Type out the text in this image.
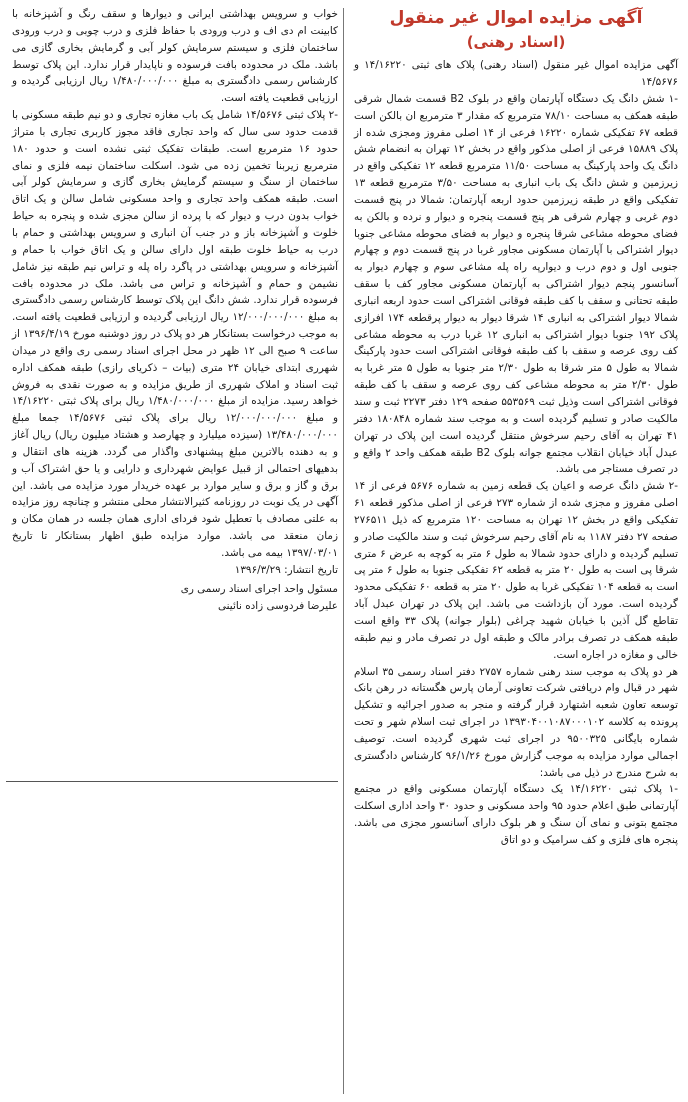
آگهی مزایده اموال غیر منقول
(اسناد رهنی)

آگهی مزایده اموال غیر منقول (اسناد رهنی) پلاک های ثبتی ۱۴/۱۶۲۲۰ و ۱۴/۵۶۷۶

-۱ شش دانگ یک دستگاه آپارتمان واقع در بلوک B2 قسمت شمال شرقی طبقه همکف به مساحت ۷۸/۱۰ مترمربع که مقدار ۳ مترمربع ان بالکن است قطعه ۶۷ تفکیکی شماره ۱۶۲۲۰ فرعی از ۱۴ اصلی مفروز ومجزی شده از پلاک ۱۵۸۸۹ فرعی از اصلی مذکور واقع در بخش ۱۲ تهران به انضمام شش دانگ یک واحد پارکینگ به مساحت ۱۱/۵۰ مترمربع قطعه ۱۲ تفکیکی واقع در زیرزمین و شش دانگ یک باب انباری به مساحت ۳/۵۰ مترمربع قطعه ۱۳ تفکیکی واقع در طبقه زیرزمین حدود اربعه آپارتمان: شمالا در پنج قسمت دوم غربی و چهارم شرقی هر پنج قسمت پنجره و دیوار و نرده و بالکن به فضای محوطه مشاعی شرقا پنجره و دیوار به فضای محوطه مشاعی جنوبا دیوار اشتراکی با آپارتمان مسکونی مجاور غربا در پنج قسمت دوم و چهارم جنوبی اول و دوم درب و دیوارپه راه پله مشاعی سوم و چهارم دیوار به آسانسور پنجم دیوار اشتراکی به آپارتمان مسکونی مجاور کف با سقف طبقه تحتانی و سقف با کف طبقه فوقانی اشتراکی است حدود اربعه انباری شمالا دیوار اشتراکی به انباری ۱۴ شرقا دیوار به دیوار پرقطعه ۱۷۴ افرازی پلاک ۱۹۲ جنوبا دیوار اشتراکی به انباری ۱۲ غربا درب به محوطه مشاعی کف روی عرصه و سقف با کف طبقه فوقانی اشتراکی است حدود پارکینگ شمالا به طول ۵ متر شرقا به طول ۲/۳۰ متر جنوبا به طول ۵ متر غربا به طول ۲/۳۰ متر به محوطه مشاعی کف روی عرصه و سقف با کف طبقه فوقانی اشتراکی است وذیل ثبت ۵۵۳۵۶۹ صفحه ۱۲۹ دفتر ۲۲۷۳ ثبت و سند مالکیت صادر و تسلیم گردیده است و به موجب سند شماره ۱۸۰۸۴۸ دفتر ۴۱ تهران به آقای رحیم سرخوش منتقل گردیده است این پلاک در تهران عبدل آباد خیابان انقلاب مجتمع جوانه بلوک B2 طبقه همکف واحد ۲ واقع و در تصرف مستاجر می باشد.

-۲ شش دانگ عرصه و اعیان یک قطعه زمین به شماره ۵۶۷۶ فرعی از ۱۴ اصلی مفروز و مجزی شده از شماره ۲۷۳ فرعی از اصلی مذکور قطعه ۶۱ تفکیکی واقع در بخش ۱۲ تهران به مساحت ۱۲۰ مترمربع که ذیل ۲۷۶۵۱۱ صفحه ۲۷ دفتر ۱۱۸۷ به نام آقای رحیم سرخوش ثبت و سند مالکیت صادر و تسلیم گردیده و دارای حدود شمالا به طول ۶ متر به کوچه به عرض ۶ متری شرقا پی است به طول ۲۰ متر به قطعه ۶۲ تفکیکی جنوبا به طول ۶ متر پی است به قطعه ۱۰۴ تفکیکی غربا به طول ۲۰ متر به قطعه ۶۰ تفکیکی محدود گردیده است. مورد آن بازداشت می باشد. این پلاک در تهران عبدل آباد تقاطع گل آذین با خیابان شهید چراغی (بلوار جوانه) پلاک ۳۳ واقع است طبقه همکف در تصرف برادر مالک و طبقه اول در تصرف مادر و نیم طبقه خالی و مغازه در اجاره است.

هر دو پلاک به موجب سند رهنی شماره ۲۷۵۷ دفتر اسناد رسمی ۳۵ اسلام شهر در قبال وام دریافتی شرکت تعاونی آرمان پارس هگستانه در رهن بانک توسعه تعاون شعبه اشتهارد قرار گرفته و منجر به صدور اجرائیه و تشکیل پرونده به کلاسه ۱۳۹۳۰۴۰۰۱۰۸۷۰۰۰۱۰۲ در اجرای ثبت اسلام شهر و تحت شماره بایگانی ۹۵۰۰۳۲۵ در اجرای ثبت شهری گردیده است. توصیف اجمالی موارد مزایده به موجب گزارش مورخ ۹۶/۱/۲۶ کارشناس دادگستری به شرح مندرج در ذیل می باشد:

-۱ پلاک ثبتی ۱۴/۱۶۲۲۰ یک دستگاه آپارتمان مسکونی واقع در مجتمع آپارتمانی طبق اعلام حدود ۹۵ واحد مسکونی و حدود ۳۰ واحد اداری اسکلت مجتمع بتونی و نمای آن سنگ و هر بلوک دارای آسانسور مجزی می باشد. پنجره های فلزی و کف سرامیک و دو اتاق

خواب و سرویس بهداشتی ایرانی و دیوارها و سقف رنگ و آشپزخانه با کابینت ام دی اف و درب ورودی با حفاظ فلزی و درب چوبی و درب ورودی ساختمان فلزی و سیستم سرمایش کولر آبی و گرمایش بخاری گازی می باشد. ملک در محدوده بافت فرسوده و ناپایدار قرار ندارد. این پلاک توسط کارشناس رسمی دادگستری به مبلغ ۱/۴۸۰/۰۰۰/۰۰۰ ریال ارزیابی گردیده و ارزیابی قطعیت یافته است.

-۲ پلاک ثبتی ۱۴/۵۶۷۶ شامل یک باب مغازه تجاری و دو نیم طبقه مسکونی با قدمت حدود سی سال که واحد تجاری فاقد مجوز کاربری تجاری با متراژ حدود ۱۶ مترمربع است. طبقات تفکیک ثبتی نشده است و حدود ۱۸۰ مترمربع زیربنا تخمین زده می شود. اسکلت ساختمان نیمه فلزی و نمای ساختمان از سنگ و سیستم گرمایش بخاری گازی و سرمایش کولر آبی است. طبقه همکف واحد تجاری و واحد مسکونی شامل سالن و یک اتاق خواب بدون درب و دیوار که با پرده از سالن مجزی شده و پنجره به حیاط خلوت و آشپزخانه باز و در جنب آن انباری و سرویس بهداشتی و حمام با درب به حیاط خلوت طبقه اول دارای سالن و یک اتاق خواب با حمام و آشپزخانه و سرویس بهداشتی در پاگرد راه پله و تراس نیم طبقه نیز شامل نشیمن و حمام و آشپزخانه و تراس می باشد. ملک در محدوده بافت فرسوده قرار ندارد. شش دانگ این پلاک توسط کارشناس رسمی دادگستری به مبلغ ۱۲/۰۰۰/۰۰۰/۰۰۰ ریال ارزیابی گردیده و ارزیابی قطعیت یافته است. به موجب درخواست بستانکار هر دو پلاک در روز دوشنبه مورخ ۱۳۹۶/۴/۱۹ از ساعت ۹ صبح الی ۱۲ ظهر در محل اجرای اسناد رسمی ری واقع در میدان شهرری ابتدای خیابان ۲۴ متری (بیات – ذکریای رازی) طبقه همکف اداره ثبت اسناد و املاک شهرری از طریق مزایده و به صورت نقدی به فروش خواهد رسید. مزایده از مبلغ ۱/۴۸۰/۰۰۰/۰۰۰ ریال برای پلاک ثبتی ۱۴/۱۶۲۲۰ و مبلغ ۱۲/۰۰۰/۰۰۰/۰۰۰ ریال برای پلاک ثبتی ۱۴/۵۶۷۶ جمعا مبلغ ۱۳/۴۸۰/۰۰۰/۰۰۰ (سیزده میلیارد و چهارصد و هشتاد میلیون ریال) ریال آغاز و به دهنده بالاترین مبلغ پیشنهادی واگذار می گردد. هزینه های انتقال و بدهیهای احتمالی از قبیل عوایض شهرداری و دارایی و یا حق اشتراک آب و برق و گاز و برق و سایر موارد بر عهده خریدار مورد مزایده می باشد. این آگهی در یک نوبت در روزنامه کثیرالانتشار محلی منتشر و چنانچه روز مزایده به علتی مصادف با تعطیل شود فردای اداری همان جلسه در همان مکان و زمان منعقد می باشد. موارد مزایده طبق اظهار بستانکار تا تاریخ ۱۳۹۷/۰۳/۰۱ بیمه می باشد.

تاریخ انتشار: ۱۳۹۶/۳/۲۹

مسئول واحد اجرای اسناد رسمی ری

علیرضا فردوسی زاده نائینی
